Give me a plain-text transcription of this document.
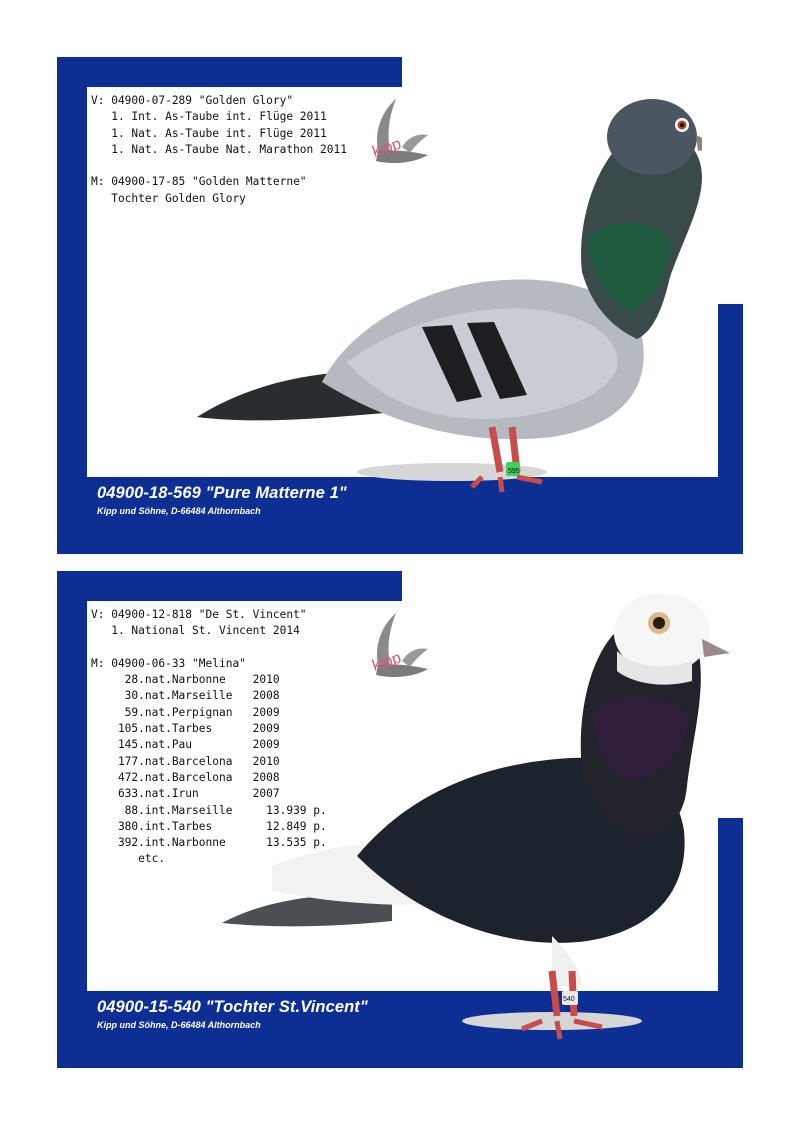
V: 04900-07-289 "Golden Glory"
1. Int. As-Taube int. Flüge 2011
1. Nat. As-Taube int. Flüge 2011
1. Nat. As-Taube Nat. Marathon 2011

M: 04900-17-85 "Golden Matterne"
Tochter Golden Glory
kipp
595
04900-18-569 "Pure Matterne 1"
Kipp und Söhne, D-66484 Althornbach
V: 04900-12-818 "De St. Vincent"
1. National St. Vincent 2014

M: 04900-06-33 "Melina"
28.nat.Narbonne    2010
30.nat.Marseille   2008
59.nat.Perpignan   2009
105.nat.Tarbes      2009
145.nat.Pau         2009
177.nat.Barcelona   2010
472.nat.Barcelona   2008
633.nat.Irun        2007
88.int.Marseille     13.939 p.
380.int.Tarbes        12.849 p.
392.int.Narbonne      13.535 p.
etc.
kipp
540
04900-15-540 "Tochter St.Vincent"
Kipp und Söhne, D-66484 Althornbach
